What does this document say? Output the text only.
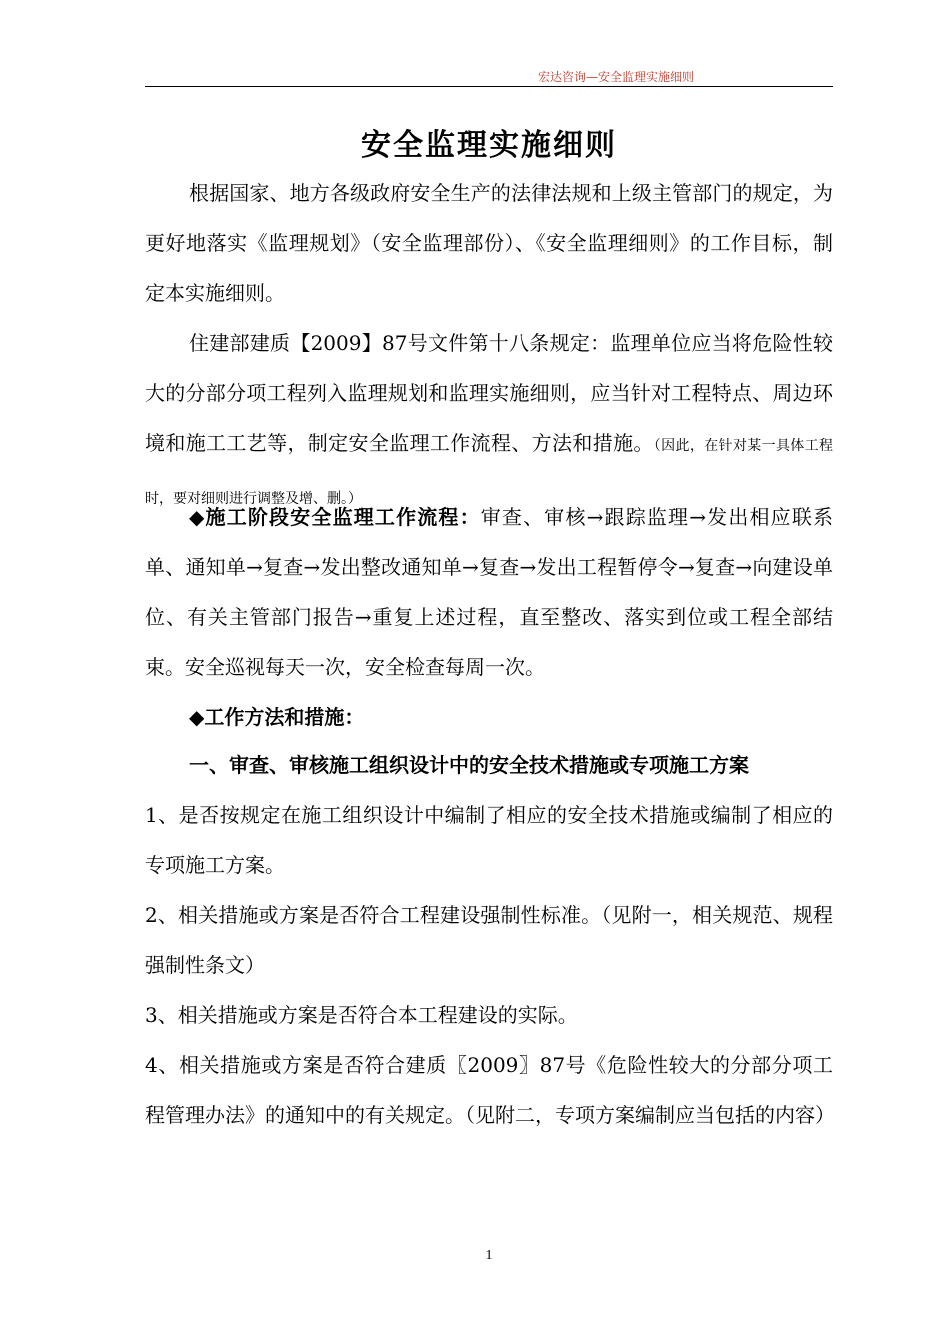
宏达咨询—安全监理实施细则
安全监理实施细则

根据国家、地方各级政府安全生产的法律法规和上级主管部门的规定，为更好地落实《监理规划》（安全监理部份）、《安全监理细则》的工作目标，制定本实施细则。

住建部建质【2009】87号文件第十八条规定：监理单位应当将危险性较大的分部分项工程列入监理规划和监理实施细则，应当针对工程特点、周边环境和施工工艺等，制定安全监理工作流程、方法和措施。（因此，在针对某一具体工程时，要对细则进行调整及增、删。）

◆施工阶段安全监理工作流程：审查、审核→跟踪监理→发出相应联系单、通知单→复查→发出整改通知单→复查→发出工程暂停令→复查→向建设单位、有关主管部门报告→重复上述过程，直至整改、落实到位或工程全部结束。安全巡视每天一次，安全检查每周一次。

◆工作方法和措施：

一、审查、审核施工组织设计中的安全技术措施或专项施工方案

1、是否按规定在施工组织设计中编制了相应的安全技术措施或编制了相应的专项施工方案。

2、相关措施或方案是否符合工程建设强制性标准。（见附一，相关规范、规程强制性条文）

3、相关措施或方案是否符合本工程建设的实际。

4、相关措施或方案是否符合建质〖2009〗87号《危险性较大的分部分项工程管理办法》的通知中的有关规定。（见附二，专项方案编制应当包括的内容）

1
